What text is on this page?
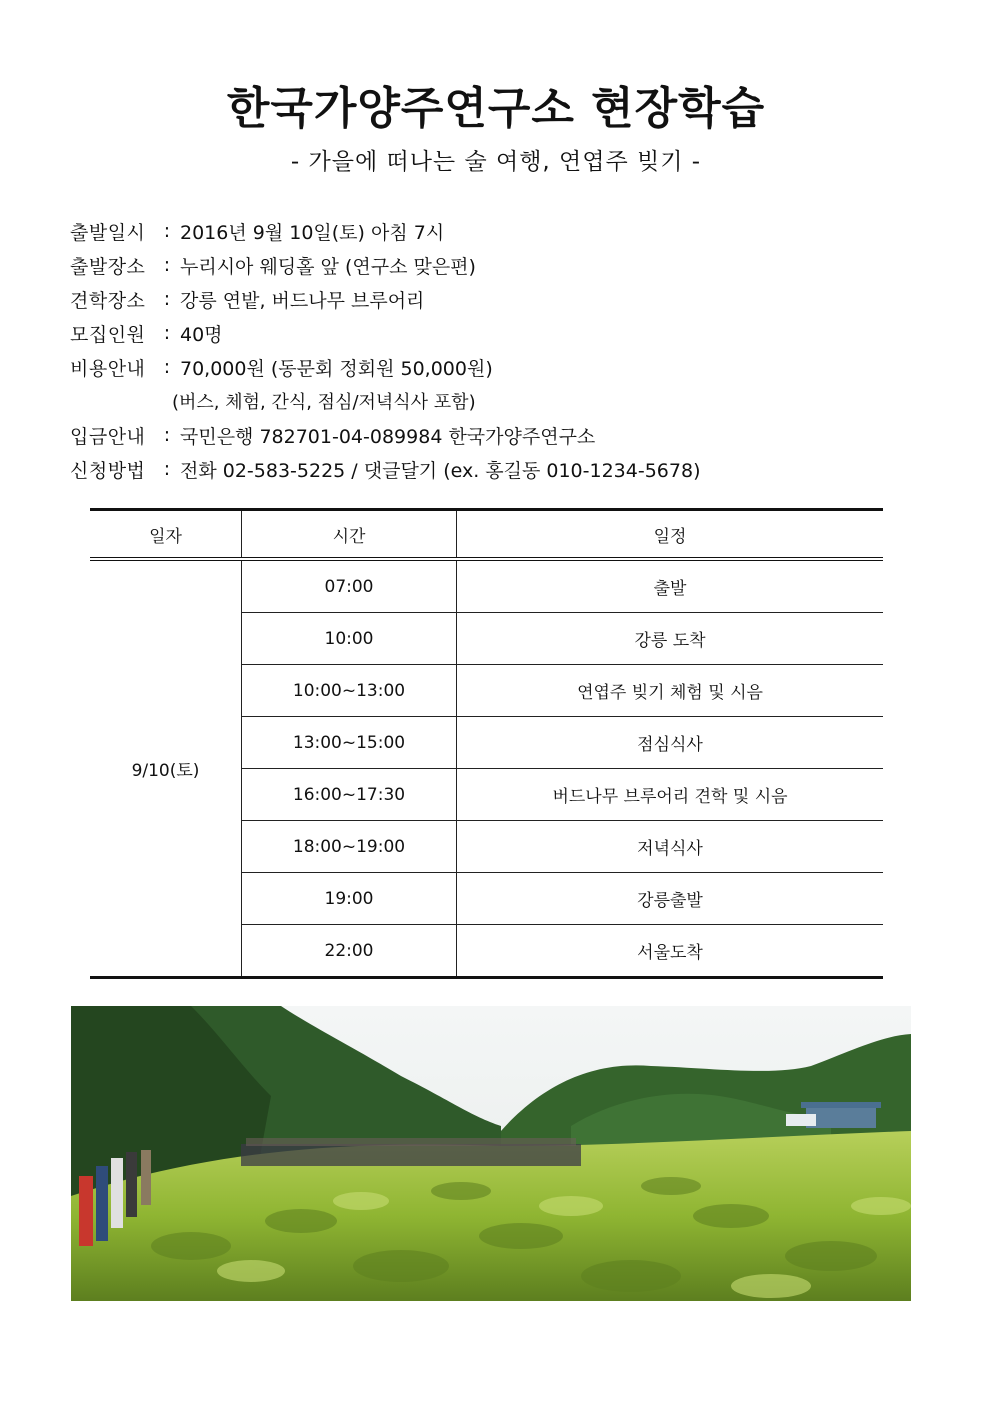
한국가양주연구소 현장학습
- 가을에 떠나는 술 여행, 연엽주 빚기 -
출발일시 : 2016년 9월 10일(토) 아침 7시
출발장소 : 누리시아 웨딩홀 앞 (연구소 맞은편)
견학장소 : 강릉 연밭, 버드나무 브루어리
모집인원 : 40명
비용안내 : 70,000원 (동문회 정회원 50,000원)
(버스, 체험, 간식, 점심/저녁식사 포함)
입금안내 : 국민은행 782701-04-089984 한국가양주연구소
신청방법 : 전화 02-583-5225 / 댓글달기 (ex. 홍길동 010-1234-5678)
일자	시간	일정
9/10(토)	07:00	출발
	10:00	강릉 도착
	10:00~13:00	연엽주 빚기 체험 및 시음
	13:00~15:00	점심식사
	16:00~17:30	버드나무 브루어리 견학 및 시음
	18:00~19:00	저녁식사
	19:00	강릉출발
	22:00	서울도착
